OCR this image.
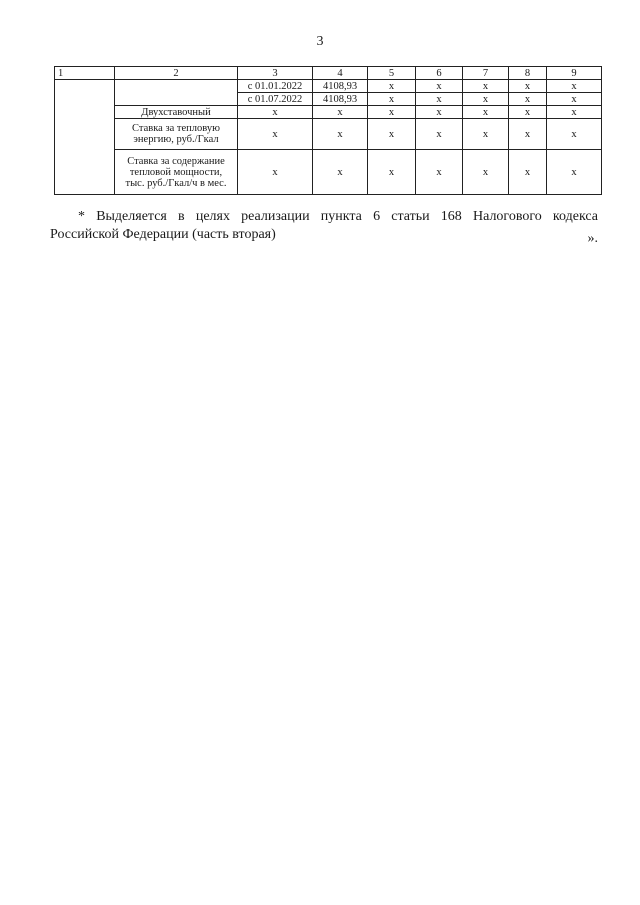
3
1	2	3	4	5	6	7	8	9
		с 01.01.2022	4108,93	x	x	x	x	x
		с 01.07.2022	4108,93	x	x	x	x	x
	Двухставочный	x	x	x	x	x	x	x

	Ставка за тепловую
энергию, руб./Гкал	x	x	x	x	x	x	x

	Ставка за содержание
тепловой мощности,
тыс. руб./Гкал/ч в мес.	x	x	x	x	x	x	x
* Выделяется в целях реализации пункта 6 статьи 168 Налогового кодекса
Российской Федерации (часть вторая)	».
